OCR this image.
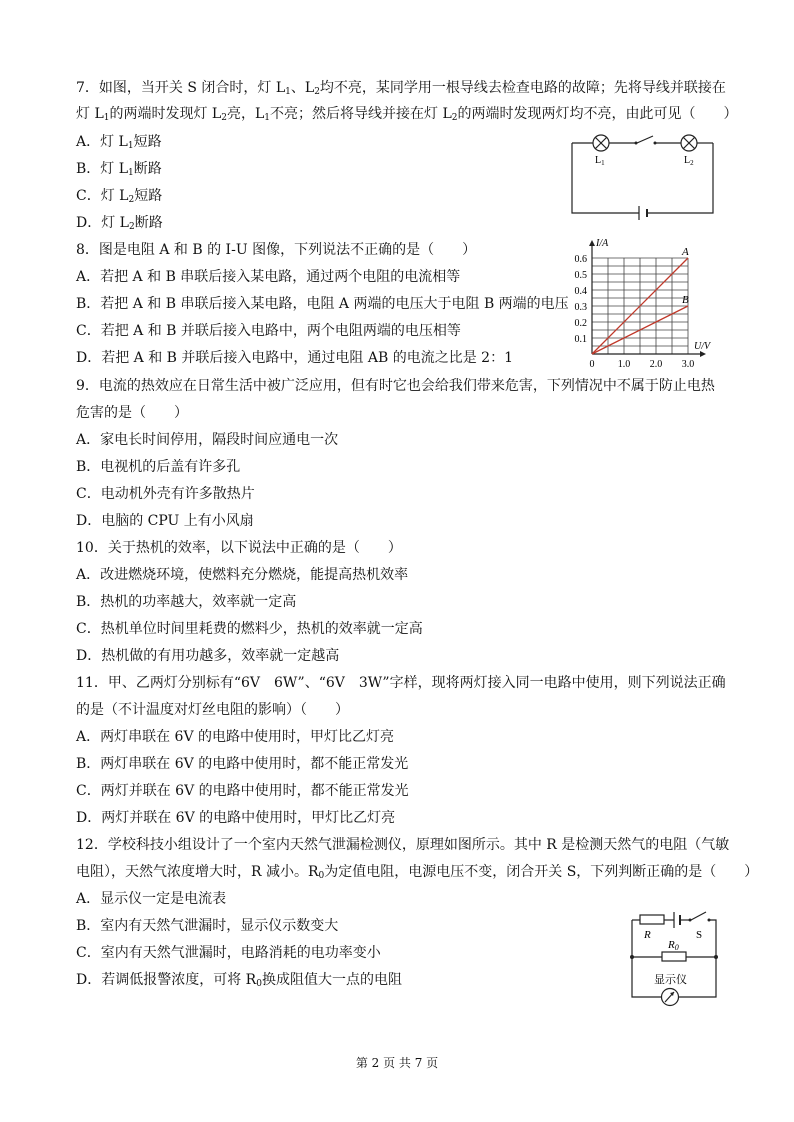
7．如图，当开关 S 闭合时，灯 $L_1$、$L_2$均不亮，某同学用一根导线去检查电路的故障；先将导线并联接在
灯 $L_1$的两端时发现灯 $L_2$亮，$L_1$不亮；然后将导线并接在灯 $L_2$的两端时发现两灯均不亮，由此可见（　　）
A．灯 $L_1$短路
B．灯 $L_1$断路
C．灯 $L_2$短路
D．灯 $L_2$断路
$L_1$	$L_2$
8．图是电阻 A 和 B 的 I-U 图像，下列说法不正确的是（　　）
A．若把 A 和 B 串联后接入某电路，通过两个电阻的电流相等
B．若把 A 和 B 串联后接入某电路，电阻 A 两端的电压大于电阻 B 两端的电压
C．若把 A 和 B 并联后接入电路中，两个电阻两端的电压相等
D．若把 A 和 B 并联后接入电路中，通过电阻 AB 的电流之比是 2：1
A
B
0.1
0.2
0.3
0.4
0.5
0.6
0 1.0 2.0 3.0
I/A
U/V
9．电流的热效应在日常生活中被广泛应用，但有时它也会给我们带来危害，下列情况中不属于防止电热
危害的是（　　）
A．家电长时间停用，隔段时间应通电一次
B．电视机的后盖有许多孔
C．电动机外壳有许多散热片
D．电脑的 CPU 上有小风扇
10．关于热机的效率，以下说法中正确的是（　　）
A．改进燃烧环境，使燃料充分燃烧，能提高热机效率
B．热机的功率越大，效率就一定高
C．热机单位时间里耗费的燃料少，热机的效率就一定高
D．热机做的有用功越多，效率就一定越高
11．甲、乙两灯分别标有“6V　6W”、“6V　3W”字样，现将两灯接入同一电路中使用，则下列说法正确
的是（不计温度对灯丝电阻的影响）（　　）
A．两灯串联在 6V 的电路中使用时，甲灯比乙灯亮
B．两灯串联在 6V 的电路中使用时，都不能正常发光
C．两灯并联在 6V 的电路中使用时，都不能正常发光
D．两灯并联在 6V 的电路中使用时，甲灯比乙灯亮
12．学校科技小组设计了一个室内天然气泄漏检测仪，原理如图所示。其中 R 是检测天然气的电阻（气敏
电阻），天然气浓度增大时，R 减小。$R_0$为定值电阻，电源电压不变，闭合开关 S，下列判断正确的是（　　）
A．显示仪一定是电流表
B．室内有天然气泄漏时，显示仪示数变大
C．室内有天然气泄漏时，电路消耗的电功率变小
D．若调低报警浓度，可将 $R_0$换成阻值大一点的电阻
R	S
R0
显示仪
第 2 页 共 7 页
